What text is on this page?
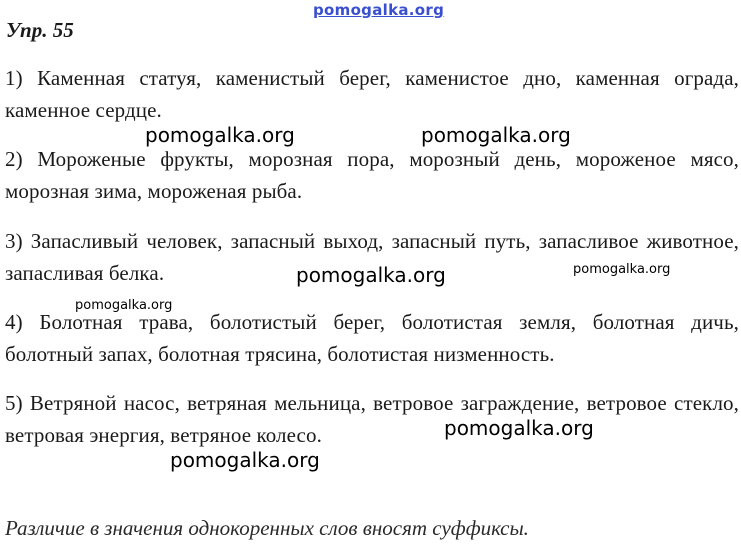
pomogalka.org
Упр. 55
1) Каменная статуя, каменистый берег, каменистое дно, каменная ограда, каменное сердце.
2) Мороженые фрукты, морозная пора, морозный день, мороженое мясо, морозная зима, мороженая рыба.
3) Запасливый человек, запасный выход, запасный путь, запасливое животное, запасливая белка.
4) Болотная трава, болотистый берег, болотистая земля, болотная дичь, болотный запах, болотная трясина, болотистая низменность.
5) Ветряной насос, ветряная мельница, ветровое заграждение, ветровое стекло, ветровая энергия, ветряное колесо.
Различие в значения однокоренных слов вносят суффиксы.
pomogalka.org	pomogalka.org
pomogalka.org	pomogalka.org
pomogalka.org
pomogalka.org
pomogalka.org
